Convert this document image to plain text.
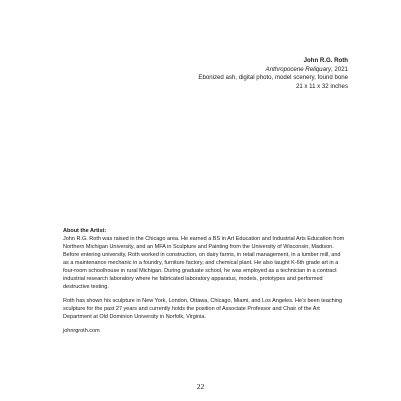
John R.G. Roth
Anthropocene Reliquary, 2021
Ebonized ash, digital photo, model scenery, found bone
21 x 11 x 32 inches
About the Artist:

John R.G. Roth was raised in the Chicago area. He earned a BS in Art Education and Industrial Arts Education from Northern Michigan University, and an MFA in Sculpture and Painting from the University of Wisconsin, Madison. Before entering university, Roth worked in construction, on dairy farms, in retail management, in a lumber mill, and as a maintenance mechanic in a foundry, furniture factory, and chemical plant. He also taught K-6th grade art in a four-room schoolhouse in rural Michigan. During graduate school, he was employed as a technician in a contract industrial research laboratory where he fabricated laboratory apparatus, models, prototypes and performed destructive testing.

Roth has shown his sculpture in New York, London, Ottawa, Chicago, Miami, and Los Angeles. He’s been teaching sculpture for the past 27 years and currently holds the position of Associate Professor and Chair of the Art Department at Old Dominion University in Norfolk, Virginia.

johnrgroth.com

22
